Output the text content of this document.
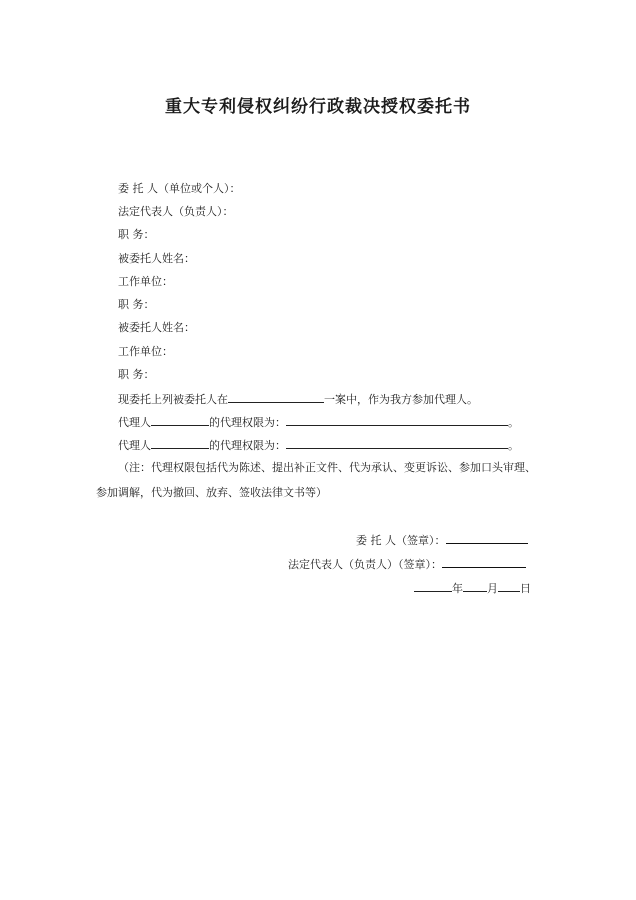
重大专利侵权纠纷行政裁决授权委托书
委 托 人（单位或个人）：
法定代表人（负责人）：
职 务：
被委托人姓名：
工作单位：
职 务：
被委托人姓名：
工作单位：
职 务：
现委托上列被委托人在	一案中，作为我方参加代理人。
代理人	的代理权限为：	。
代理人	的代理权限为：	。
（注：代理权限包括代为陈述、提出补正文件、代为承认、变更诉讼、参加口头审理、
参加调解，代为撤回、放弃、签收法律文书等）
委 托 人（签章）：
法定代表人（负责人）（签章）：
年 月 日
